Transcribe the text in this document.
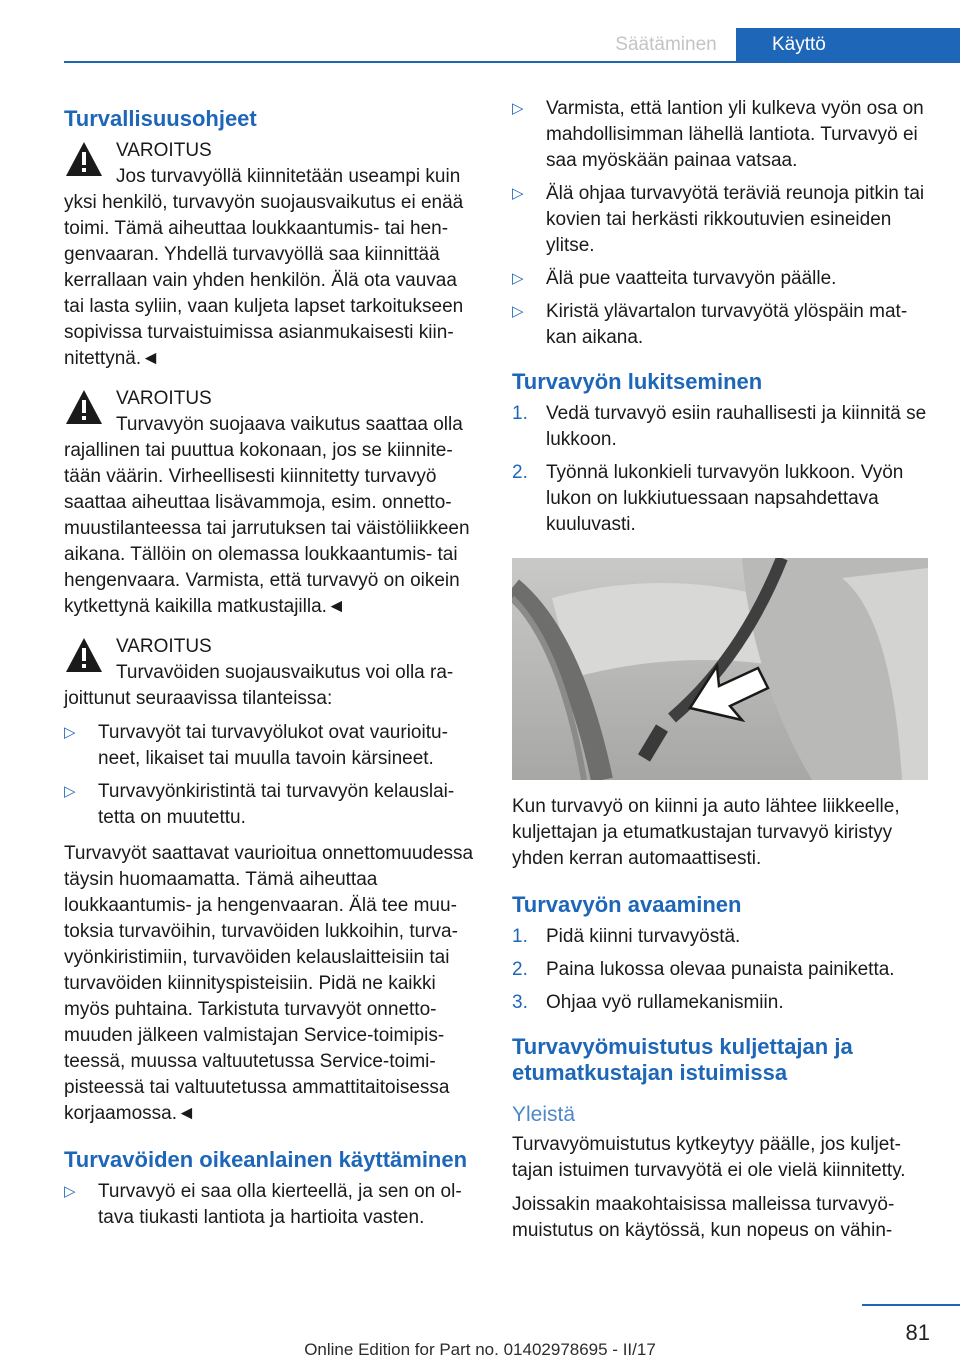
Säätäminen	Käyttö
Turvallisuusohjeet
VAROITUS
Jos turvavyöllä kiinnitetään useampi kuin yksi henkilö, turvavyön suojausvaikutus ei enää toimi. Tämä aiheuttaa loukkaantumis- tai hengenvaaran. Yhdellä turvavyöllä saa kiinnittää kerrallaan vain yhden henkilön. Älä ota vauvaa tai lasta syliin, vaan kuljeta lapset tarkoitukseen sopivissa turvaistuimissa asianmukaisesti kiinnitettynä.◄
VAROITUS
Turvavyön suojaava vaikutus saattaa olla rajallinen tai puuttua kokonaan, jos se kiinnitetään väärin. Virheellisesti kiinnitetty turvavyö saattaa aiheuttaa lisävammoja, esim. onnettomuustilanteessa tai jarrutuksen tai väistöliikkeen aikana. Tällöin on olemassa loukkaantumis- tai hengenvaara. Varmista, että turvavyö on oikein kytkettynä kaikilla matkustajilla.◄
VAROITUS
Turvavöiden suojausvaikutus voi olla rajoittunut seuraavissa tilanteissa:
▷ Turvavyöt tai turvavyölukot ovat vaurioituneet, likaiset tai muulla tavoin kärsineet.
▷ Turvavyönkiristintä tai turvavyön kelauslaitetta on muutettu.

Turvavyöt saattavat vaurioitua onnettomuudessa täysin huomaamatta. Tämä aiheuttaa loukkaantumis- ja hengenvaaran. Älä tee muutoksia turvavöihin, turvavöiden lukkoihin, turvavyönkiristimiin, turvavöiden kelauslaitteisiin tai turvavöiden kiinnityspisteisiin. Pidä ne kaikki myös puhtaina. Tarkistuta turvavyöt onnettomuuden jälkeen valmistajan Service-toimipisteessä, muussa valtuutetussa Service-toimipisteessä tai valtuutetussa ammattitaitoisessa korjaamossa.◄

Turvavöiden oikeanlainen käyttäminen
▷ Turvavyö ei saa olla kierteellä, ja sen on oltava tiukasti lantiota ja hartioita vasten.
▷ Varmista, että lantion yli kulkeva vyön osa on mahdollisimman lähellä lantiota. Turvavyö ei saa myöskään painaa vatsaa.
▷ Älä ohjaa turvavyötä teräviä reunoja pitkin tai kovien tai herkästi rikkoutuvien esineiden ylitse.
▷ Älä pue vaatteita turvavyön päälle.
▷ Kiristä ylävartalon turvavyötä ylöspäin matkan aikana.
Turvavyön lukitseminen
1. Vedä turvavyö esiin rauhallisesti ja kiinnitä se lukkoon.
2. Työnnä lukonkieli turvavyön lukkoon. Vyön lukon on lukkiutuessaan napsahdettava kuuluvasti.

Kun turvavyö on kiinni ja auto lähtee liikkeelle, kuljettajan ja etumatkustajan turvavyö kiristyy yhden kerran automaattisesti.

Turvavyön avaaminen
1. Pidä kiinni turvavyöstä.
2. Paina lukossa olevaa punaista painiketta.
3. Ohjaa vyö rullamekanismiin.
Turvavyömuistutus kuljettajan ja etumatkustajan istuimissa
Yleistä

Turvavyömuistutus kytkeytyy päälle, jos kuljettajan istuimen turvavyötä ei ole vielä kiinnitetty.

Joissakin maakohtaisissa malleissa turvavyömuistutus on käytössä, kun nopeus on vähin-

81
Online Edition for Part no. 01402978695 - II/17
